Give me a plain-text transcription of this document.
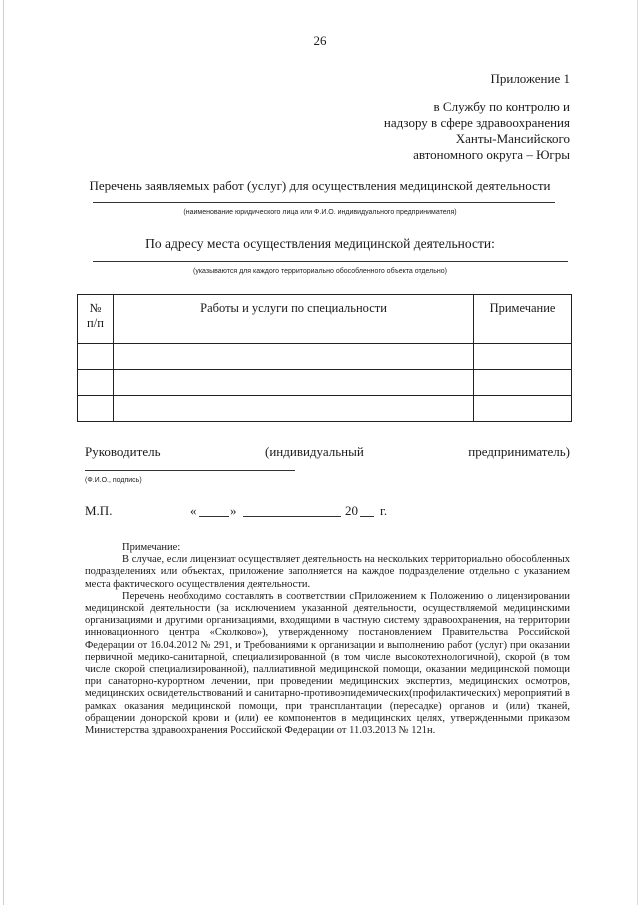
26
Приложение 1
в Службу по контролю и
надзору в сфере здравоохранения
Ханты-Мансийского
автономного округа – Югры
Перечень заявляемых работ (услуг) для осуществления медицинской деятельности
(наименование юридического лица или Ф.И.О. индивидуального предпринимателя)
По адресу места осуществления медицинской деятельности:
(указываются для каждого территориально обособленного объекта отдельно)
№ п/п	Работы и услуги по специальности	Примечание

Руководитель	(индивидуальный	предприниматель)
(Ф.И.О., подпись)
М.П.	«	»	20 г.

Примечание:

В случае, если лицензиат осуществляет деятельность на нескольких территориально обособленных подразделениях или объектах, приложение заполняется на каждое подразделение отдельно с указанием места фактического осуществления деятельности.

Перечень необходимо составлять в соответствии сПриложением к Положению о лицензировании медицинской деятельности (за исключением указанной деятельности, осуществляемой медицинскими организациями и другими организациями, входящими в частную систему здравоохранения, на территории инновационного центра «Сколково»), утвержденному постановлением Правительства Российской Федерации от 16.04.2012 № 291, и Требованиями к организации и выполнению работ (услуг) при оказании первичной медико-санитарной, специализированной (в том числе высокотехнологичной), скорой (в том числе скорой специализированной), паллиативной медицинской помощи, оказании медицинской помощи при санаторно-курортном лечении, при проведении медицинских экспертиз, медицинских осмотров, медицинских освидетельствований и санитарно-противоэпидемических(профилактических) мероприятий в рамках оказания медицинской помощи, при трансплантации (пересадке) органов и (или) тканей, обращении донорской крови и (или) ее компонентов в медицинских целях, утвержденными приказом Министерства здравоохранения Российской Федерации от 11.03.2013 № 121н.
